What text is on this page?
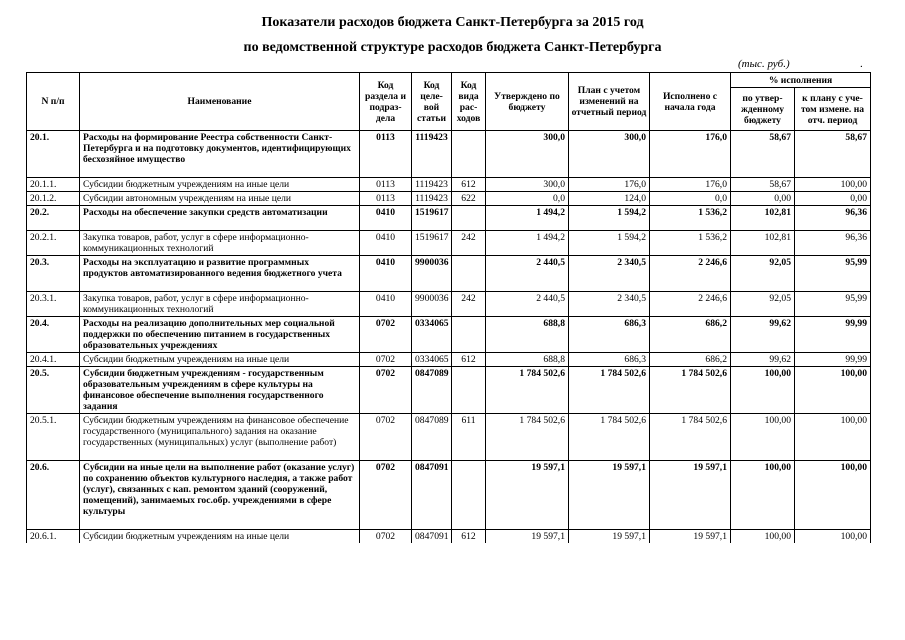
Показатели расходов бюджета Санкт-Петербурга за 2015 год
по ведомственной структуре расходов бюджета Санкт-Петербурга
(тыс. руб.)	.
N п/п	Наименование	Код раздела и подраз-дела	Код целе-вой статьи	Код вида рас-ходов	Утверждено по бюджету	План с учетом изменений на отчетный период	Исполнено с начала года	% исполнения	
								по утвер-жденному бюджету	к плану с уче-том измене. на отч. период
20.1.	Расходы на формирование Реестра собственности Санкт-Петербурга и на подготовку документов, идентифицирующих бесхозяйное имущество	0113	1119423		300,0	300,0	176,0	58,67	58,67
20.1.1.	Субсидии бюджетным учреждениям на иные цели	0113	1119423	612	300,0	176,0	176,0	58,67	100,00
20.1.2.	Субсидии автономным учреждениям на иные цели	0113	1119423	622	0,0	124,0	0,0	0,00	0,00
20.2.	Расходы на обеспечение закупки средств автоматизации	0410	1519617		1 494,2	1 594,2	1 536,2	102,81	96,36
20.2.1.	Закупка товаров, работ, услуг в сфере информационно-коммуникационных технологий	0410	1519617	242	1 494,2	1 594,2	1 536,2	102,81	96,36
20.3.	Расходы на эксплуатацию и развитие программных продуктов автоматизированного ведения бюджетного учета	0410	9900036		2 440,5	2 340,5	2 246,6	92,05	95,99
20.3.1.	Закупка товаров, работ, услуг в сфере информационно-коммуникационных технологий	0410	9900036	242	2 440,5	2 340,5	2 246,6	92,05	95,99
20.4.	Расходы на реализацию дополнительных мер социальной поддержки по обеспечению питанием в государственных образовательных учреждениях	0702	0334065		688,8	686,3	686,2	99,62	99,99
20.4.1.	Субсидии бюджетным учреждениям на иные цели	0702	0334065	612	688,8	686,3	686,2	99,62	99,99
20.5.	Субсидии бюджетным учреждениям - государственным образовательным учреждениям в сфере культуры на финансовое обеспечение выполнения государственного задания	0702	0847089		1 784 502,6	1 784 502,6	1 784 502,6	100,00	100,00
20.5.1.	Субсидии бюджетным учреждениям на финансовое обеспечение государственного (муниципального) задания на оказание государственных (муниципальных) услуг (выполнение работ)	0702	0847089	611	1 784 502,6	1 784 502,6	1 784 502,6	100,00	100,00
20.6.	Субсидии на иные цели на выполнение работ (оказание услуг) по сохранению объектов культурного наследия, а также работ (услуг), связанных с кап. ремонтом зданий (сооружений, помещений), занимаемых гос.обр. учреждениями в сфере культуры	0702	0847091		19 597,1	19 597,1	19 597,1	100,00	100,00
20.6.1.	Субсидии бюджетным учреждениям на иные цели	0702	0847091	612	19 597,1	19 597,1	19 597,1	100,00	100,00
